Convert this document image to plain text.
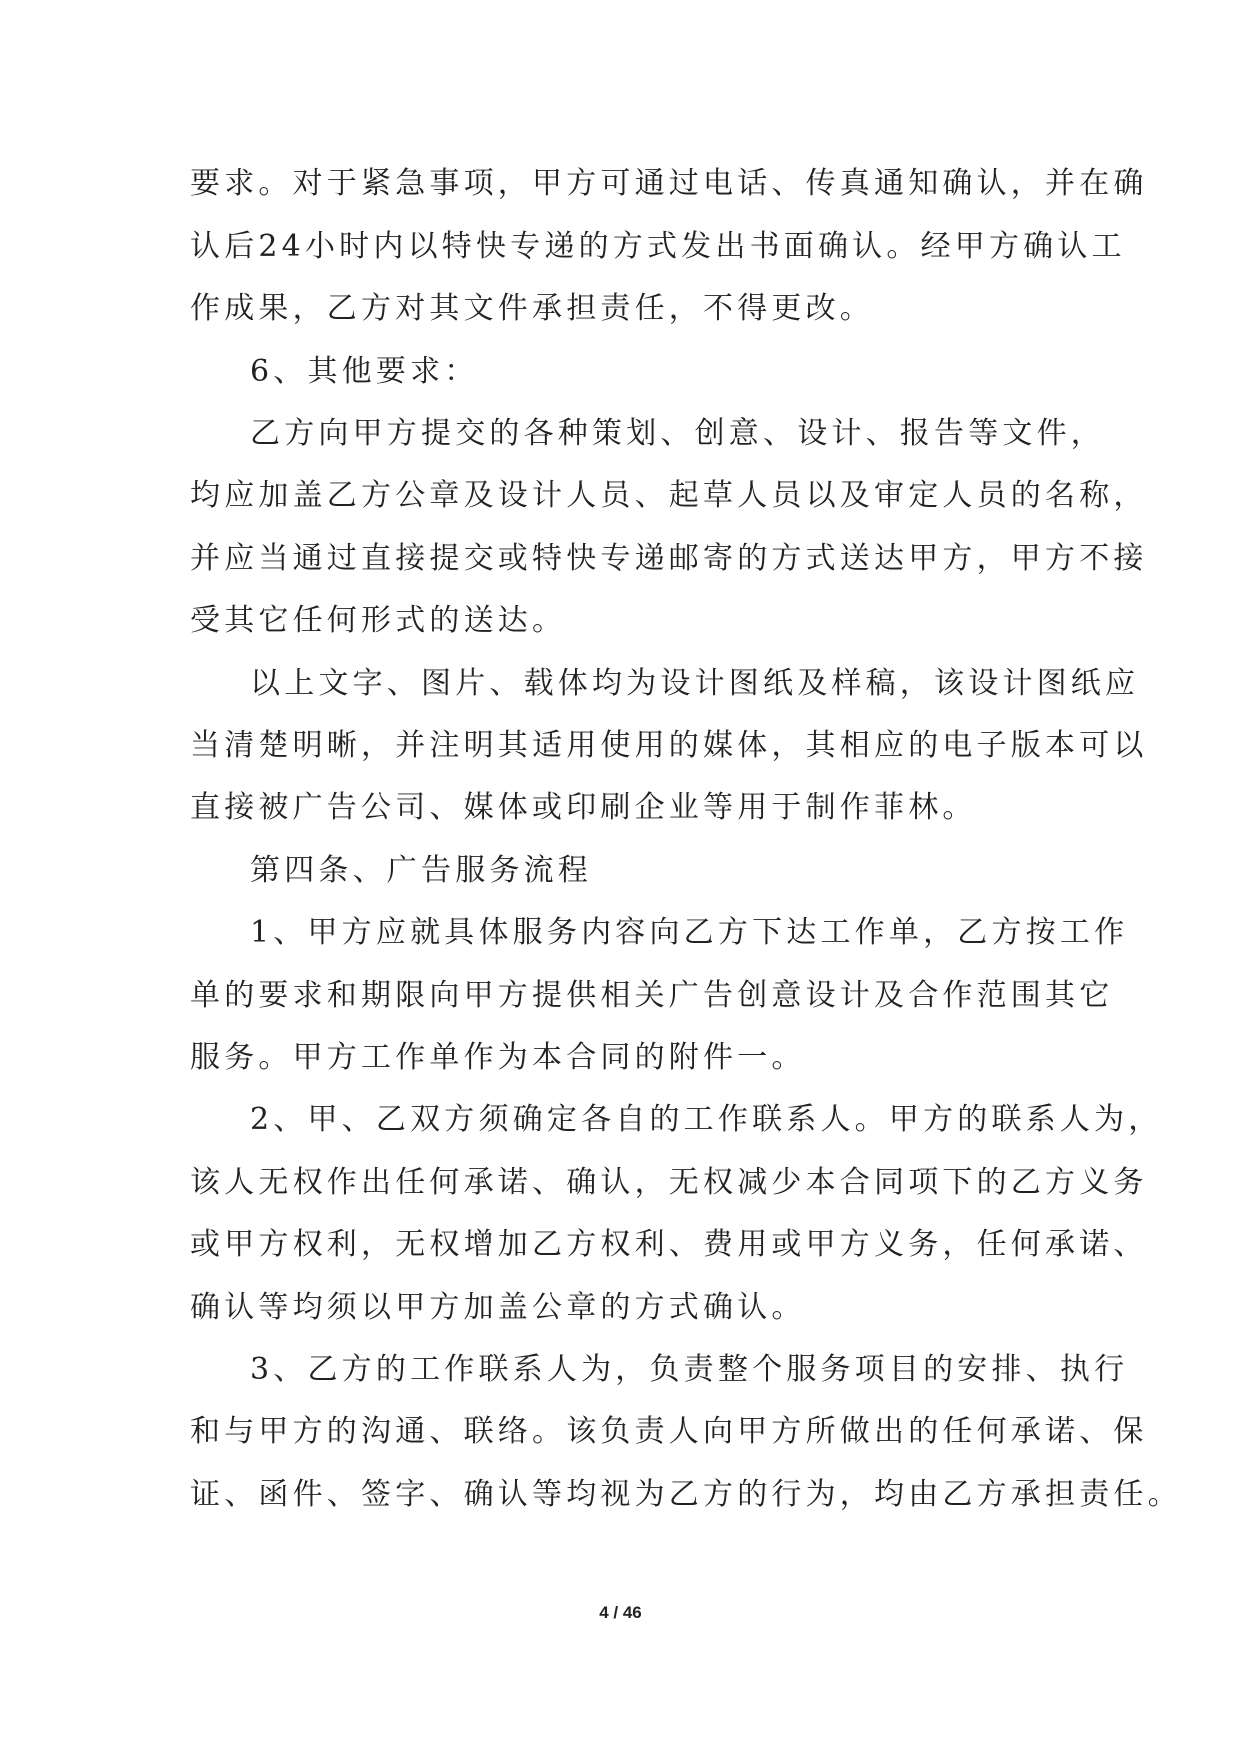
要求。对于紧急事项，甲方可通过电话、传真通知确认，并在确
认后24小时内以特快专递的方式发出书面确认。经甲方确认工
作成果，乙方对其文件承担责任，不得更改。
6、其他要求：
乙方向甲方提交的各种策划、创意、设计、报告等文件，
均应加盖乙方公章及设计人员、起草人员以及审定人员的名称，
并应当通过直接提交或特快专递邮寄的方式送达甲方，甲方不接
受其它任何形式的送达。
以上文字、图片、载体均为设计图纸及样稿，该设计图纸应
当清楚明晰，并注明其适用使用的媒体，其相应的电子版本可以
直接被广告公司、媒体或印刷企业等用于制作菲林。
第四条、广告服务流程
1、甲方应就具体服务内容向乙方下达工作单，乙方按工作
单的要求和期限向甲方提供相关广告创意设计及合作范围其它
服务。甲方工作单作为本合同的附件一。
2、甲、乙双方须确定各自的工作联系人。甲方的联系人为，
该人无权作出任何承诺、确认，无权减少本合同项下的乙方义务
或甲方权利，无权增加乙方权利、费用或甲方义务，任何承诺、
确认等均须以甲方加盖公章的方式确认。
3、乙方的工作联系人为，负责整个服务项目的安排、执行
和与甲方的沟通、联络。该负责人向甲方所做出的任何承诺、保
证、函件、签字、确认等均视为乙方的行为，均由乙方承担责任。
4 / 46
